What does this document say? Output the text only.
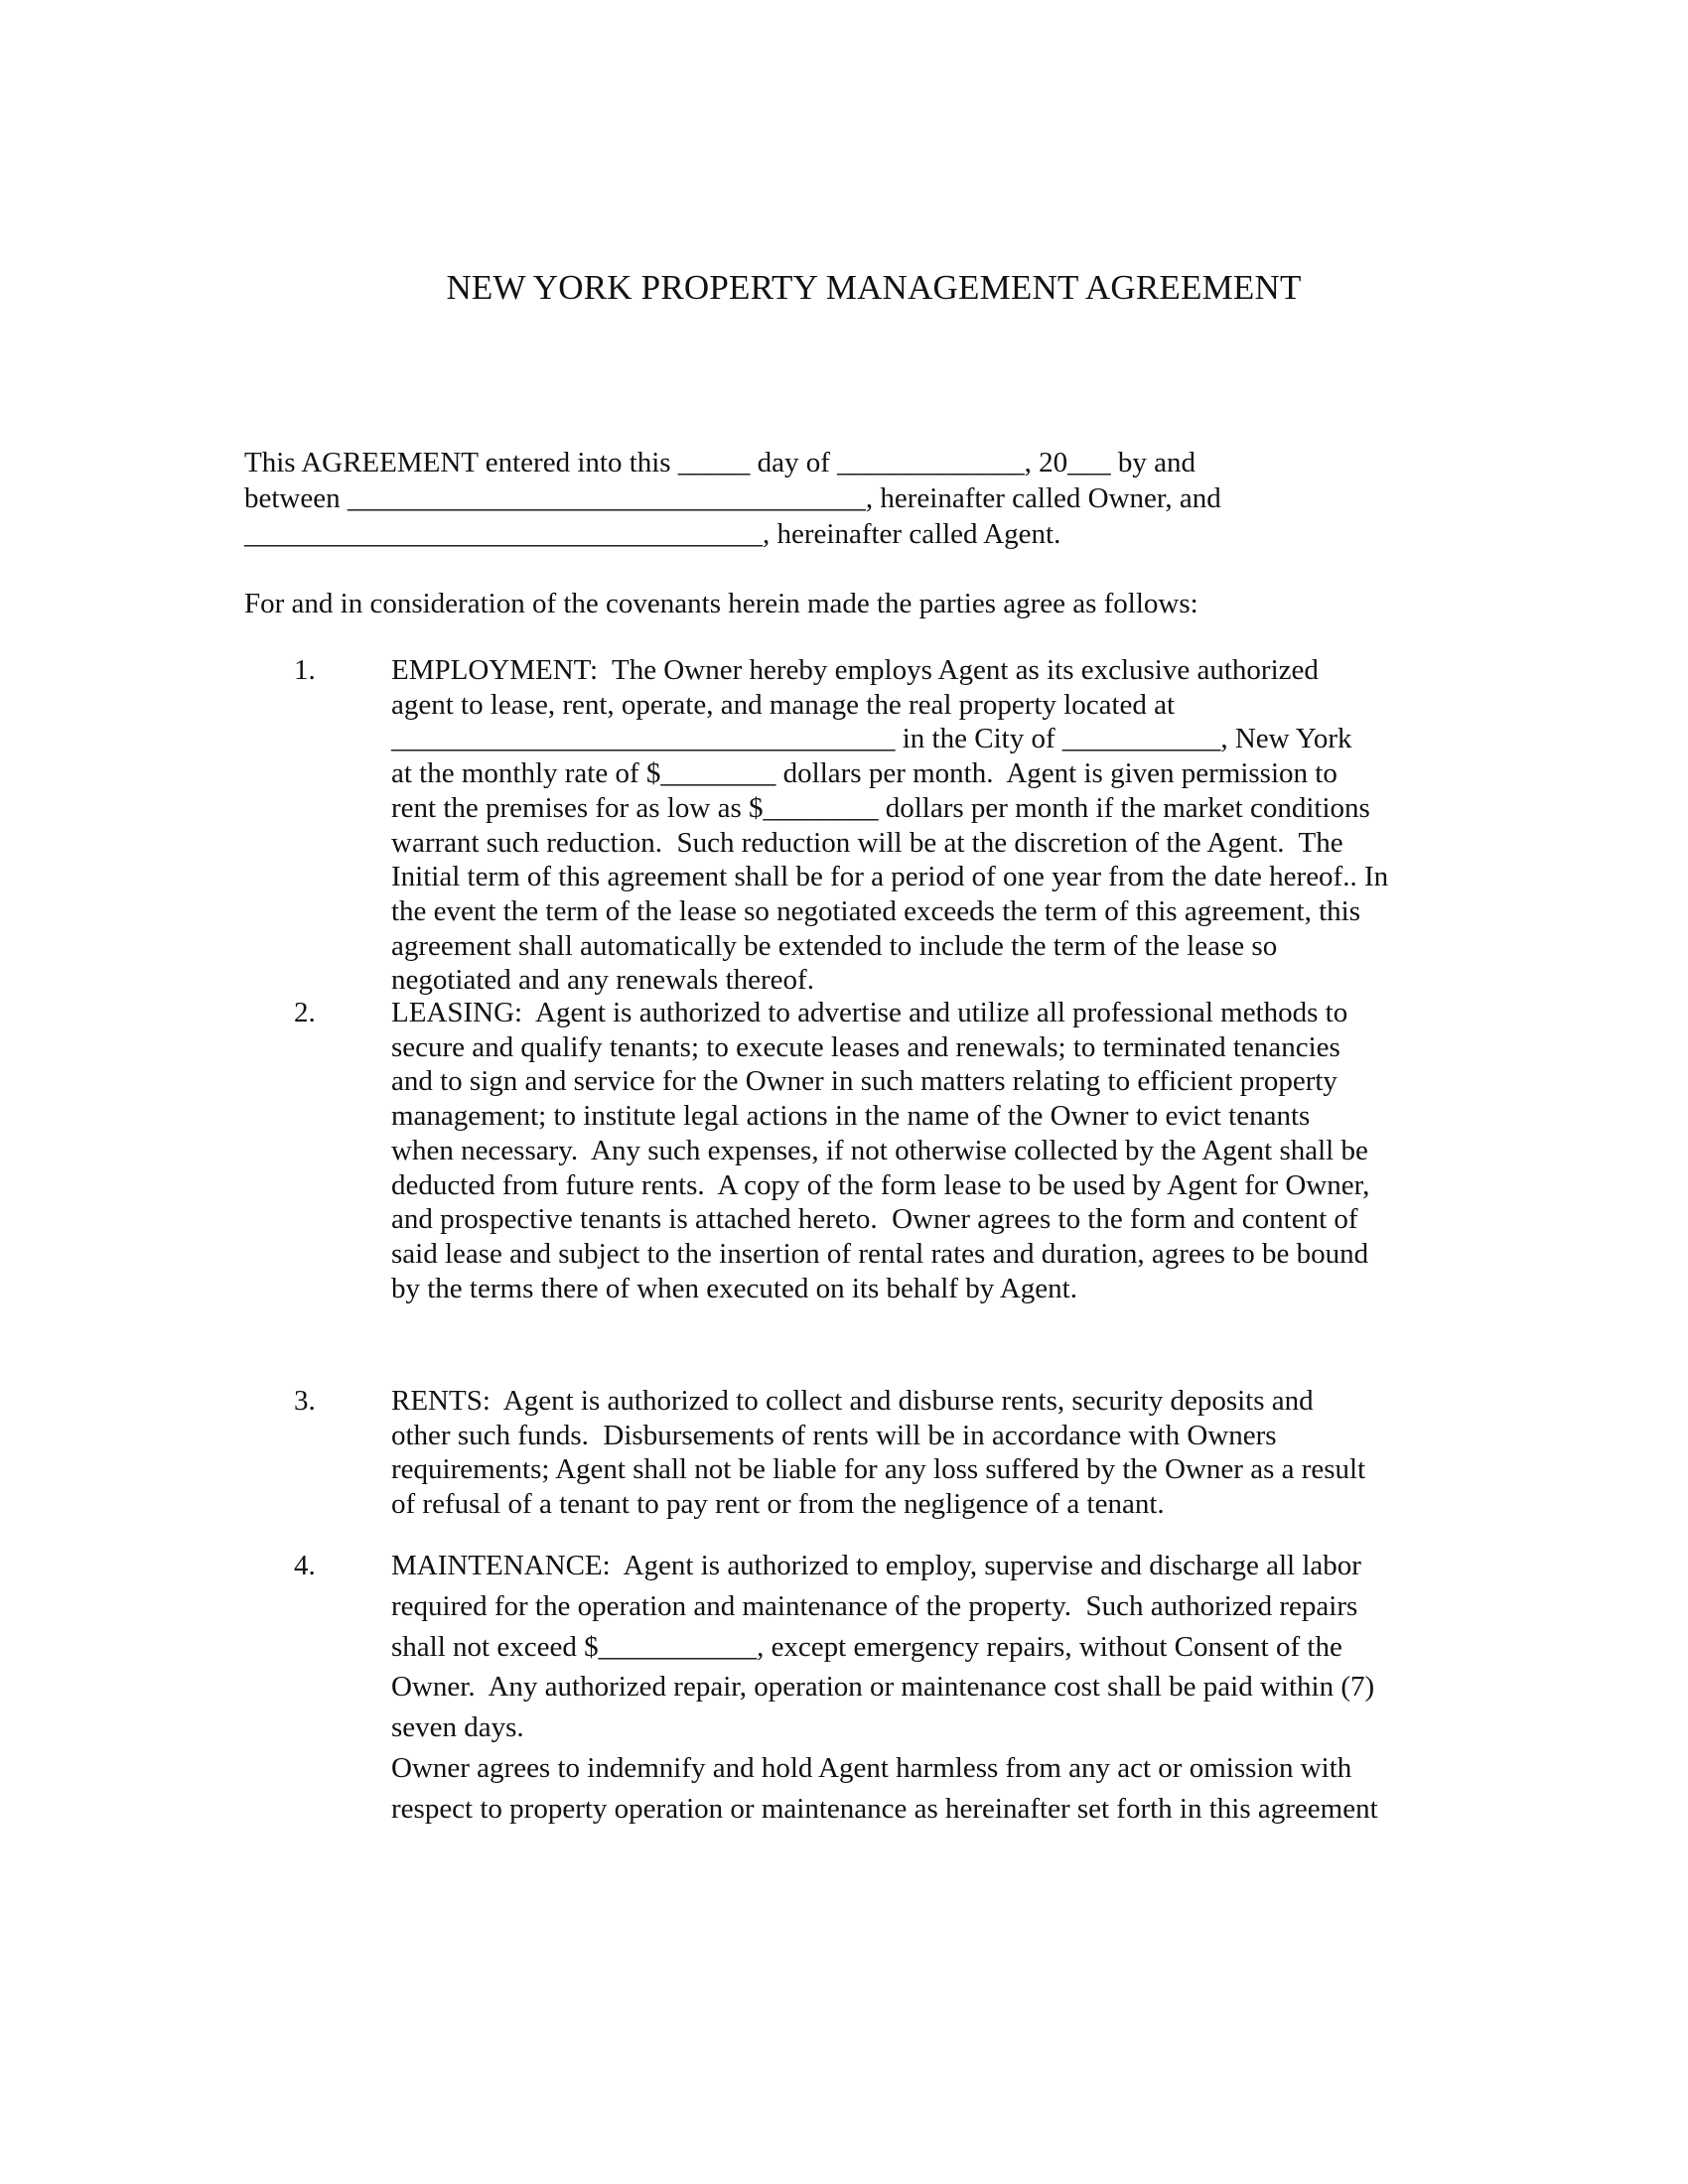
NEW YORK PROPERTY MANAGEMENT AGREEMENT
This AGREEMENT entered into this _____ day of _____________, 20___ by and
between ____________________________________, hereinafter called Owner, and
____________________________________, hereinafter called Agent.
For and in consideration of the covenants herein made the parties agree as follows:
1.	EMPLOYMENT:  The Owner hereby employs Agent as its exclusive authorized
agent to lease, rent, operate, and manage the real property located at
___________________________________ in the City of ___________, New York
at the monthly rate of $________ dollars per month.  Agent is given permission to
rent the premises for as low as $________ dollars per month if the market conditions
warrant such reduction.  Such reduction will be at the discretion of the Agent.  The
Initial term of this agreement shall be for a period of one year from the date hereof.. In
the event the term of the lease so negotiated exceeds the term of this agreement, this
agreement shall automatically be extended to include the term of the lease so
negotiated and any renewals thereof.
2.	LEASING:  Agent is authorized to advertise and utilize all professional methods to
secure and qualify tenants; to execute leases and renewals; to terminated tenancies
and to sign and service for the Owner in such matters relating to efficient property
management; to institute legal actions in the name of the Owner to evict tenants
when necessary.  Any such expenses, if not otherwise collected by the Agent shall be
deducted from future rents.  A copy of the form lease to be used by Agent for Owner,
and prospective tenants is attached hereto.  Owner agrees to the form and content of
said lease and subject to the insertion of rental rates and duration, agrees to be bound
by the terms there of when executed on its behalf by Agent.
3.	RENTS:  Agent is authorized to collect and disburse rents, security deposits and
other such funds.  Disbursements of rents will be in accordance with Owners
requirements; Agent shall not be liable for any loss suffered by the Owner as a result
of refusal of a tenant to pay rent or from the negligence of a tenant.
4.	MAINTENANCE:  Agent is authorized to employ, supervise and discharge all labor
required for the operation and maintenance of the property.  Such authorized repairs
shall not exceed $___________, except emergency repairs, without Consent of the
Owner.  Any authorized repair, operation or maintenance cost shall be paid within (7)
seven days.
Owner agrees to indemnify and hold Agent harmless from any act or omission with
respect to property operation or maintenance as hereinafter set forth in this agreement
